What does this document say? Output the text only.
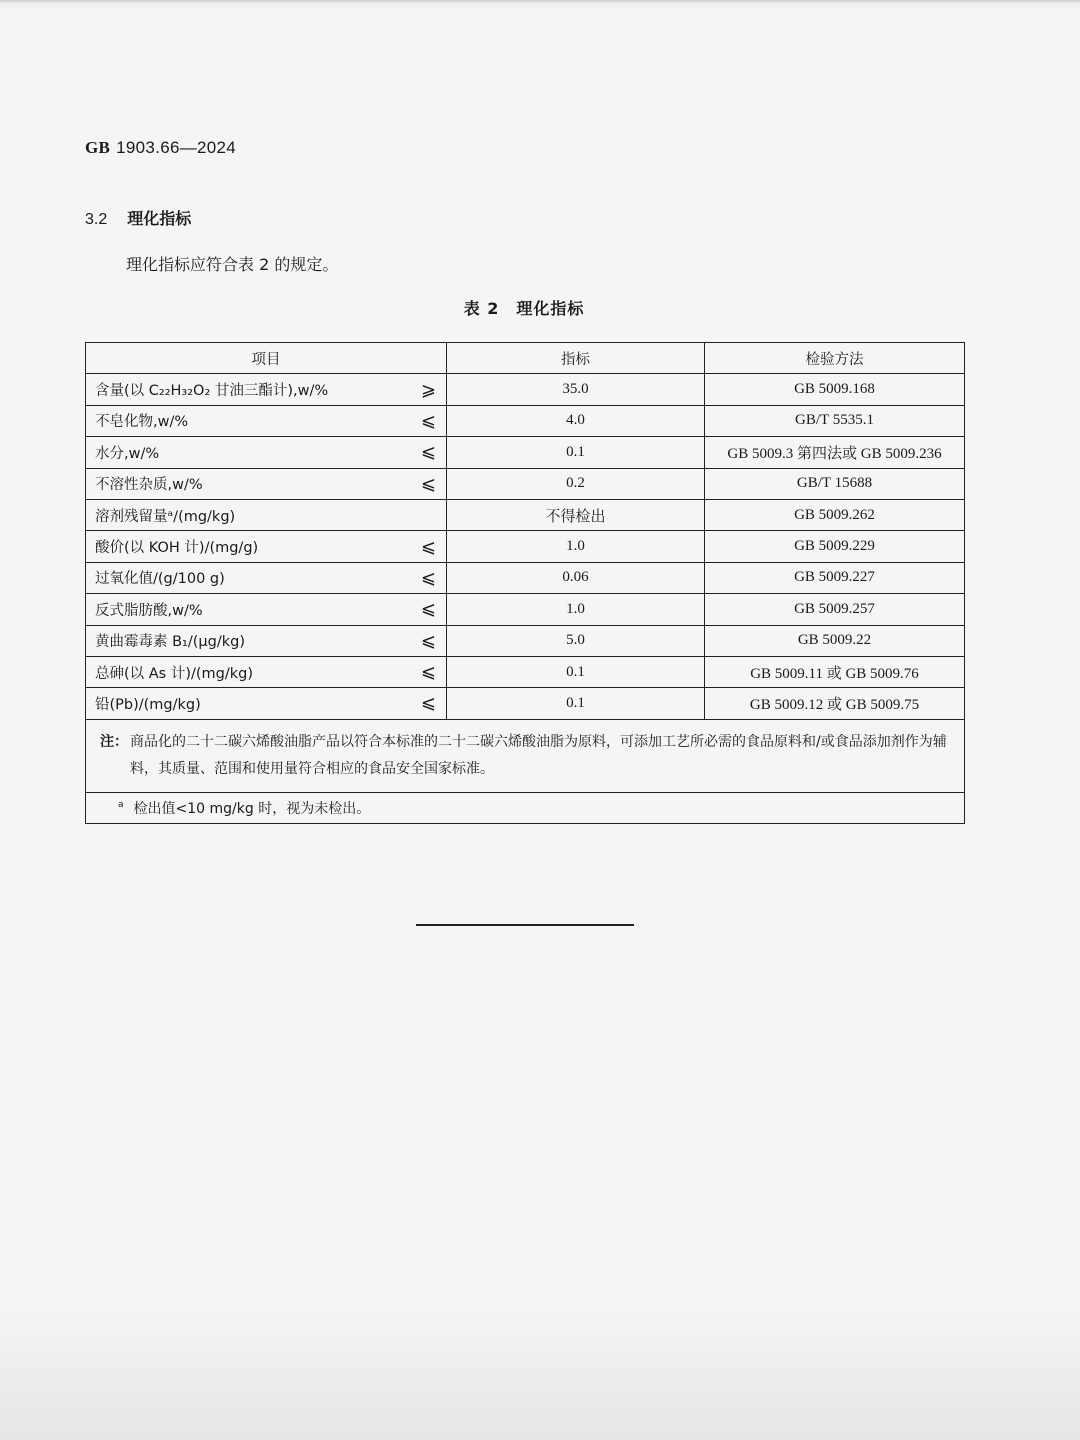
GB 1903.66—2024
3.2 理化指标
理化指标应符合表 2 的规定。
表 2　理化指标
项目	指标	检验方法
含量(以 C₂₂H₃₂O₂ 甘油三酯计),w/% ⩾	35.0	GB 5009.168
不皂化物,w/% ⩽	4.0	GB/T 5535.1
水分,w/% ⩽	0.1	GB 5009.3 第四法或 GB 5009.236
不溶性杂质,w/% ⩽	0.2	GB/T 15688
溶剂残留量ᵃ/(mg/kg)	不得检出	GB 5009.262
酸价(以 KOH 计)/(mg/g) ⩽	1.0	GB 5009.229
过氧化值/(g/100 g) ⩽	0.06	GB 5009.227
反式脂肪酸,w/% ⩽	1.0	GB 5009.257
黄曲霉毒素 B₁/(μg/kg) ⩽	5.0	GB 5009.22
总砷(以 As 计)/(mg/kg) ⩽	0.1	GB 5009.11 或 GB 5009.76
铅(Pb)/(mg/kg) ⩽	0.1	GB 5009.12 或 GB 5009.75
注： 商品化的二十二碳六烯酸油脂产品以符合本标准的二十二碳六烯酸油脂为原料，可添加工艺所必需的食品原料和/或食品添加剂作为辅料，其质量、范围和使用量符合相应的食品安全国家标准。		
$^a$ 检出值<10 mg/kg 时，视为未检出。		
